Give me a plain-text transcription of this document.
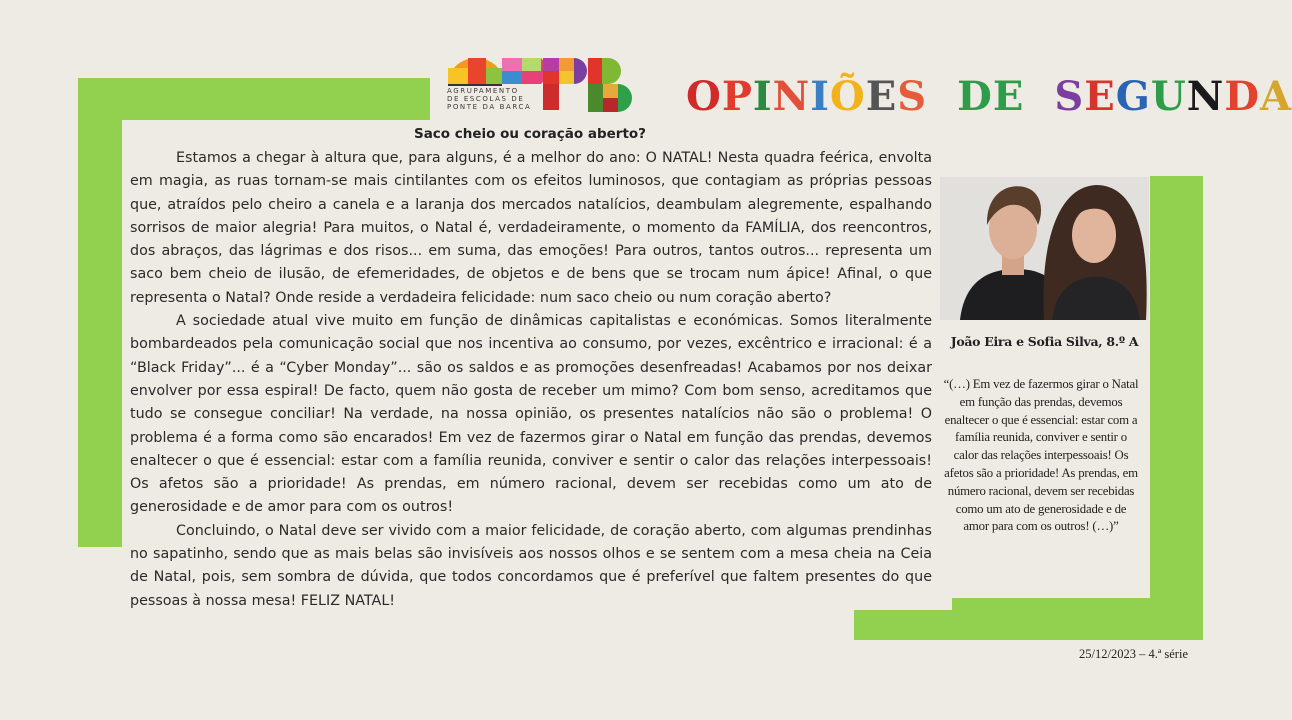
AGRUPAMENTO
DE ESCOLAS DE
PONTE DA BARCA	OPINIÕES DE SEGUNDA
Saco cheio ou coração aberto?

Estamos a chegar à altura que, para alguns, é a melhor do ano: O NATAL! Nesta quadra feérica, envolta em magia, as ruas tornam-se mais cintilantes com os efeitos luminosos, que contagiam as próprias pessoas que, atraídos pelo cheiro a canela e a laranja dos mercados natalícios, deambulam alegremente, espalhando sorrisos de maior alegria! Para muitos, o Natal é, verdadeiramente, o momento da FAMÍLIA, dos reencontros, dos abraços, das lágrimas e dos risos... em suma, das emoções! Para outros, tantos outros... representa um saco bem cheio de ilusão, de efemeridades, de objetos e de bens que se trocam num ápice! Afinal, o que representa o Natal? Onde reside a verdadeira felicidade: num saco cheio ou num coração aberto?

A sociedade atual vive muito em função de dinâmicas capitalistas e económicas. Somos literalmente bombardeados pela comunicação social que nos incentiva ao consumo, por vezes, excêntrico e irracional: é a “Black Friday”... é a “Cyber Monday”... são os saldos e as promoções desenfreadas! Acabamos por nos deixar envolver por essa espiral! De facto, quem não gosta de receber um mimo? Com bom senso, acreditamos que tudo se consegue conciliar! Na verdade, na nossa opinião, os presentes natalícios não são o problema! O problema é a forma como são encarados! Em vez de fazermos girar o Natal em função das prendas, devemos enaltecer o que é essencial: estar com a família reunida, conviver e sentir o calor das relações interpessoais! Os afetos são a prioridade! As prendas, em número racional, devem ser recebidas como um ato de generosidade e de amor para com os outros!

Concluindo, o Natal deve ser vivido com a maior felicidade, de coração aberto, com algumas prendinhas no sapatinho, sendo que as mais belas são invisíveis aos nossos olhos e se sentem com a mesa cheia na Ceia de Natal, pois, sem sombra de dúvida, que todos concordamos que é preferível que faltem presentes do que pessoas à nossa mesa! FELIZ NATAL!

João Eira e Sofia Silva, 8.º A
“(…) Em vez de fazermos girar o Natal em função das prendas, devemos enaltecer o que é essencial: estar com a família reunida, conviver e sentir o calor das relações interpessoais! Os afetos são a prioridade! As prendas, em número racional, devem ser recebidas como um ato de generosidade e de amor para com os outros! (…)”
25/12/2023 – 4.ª série
